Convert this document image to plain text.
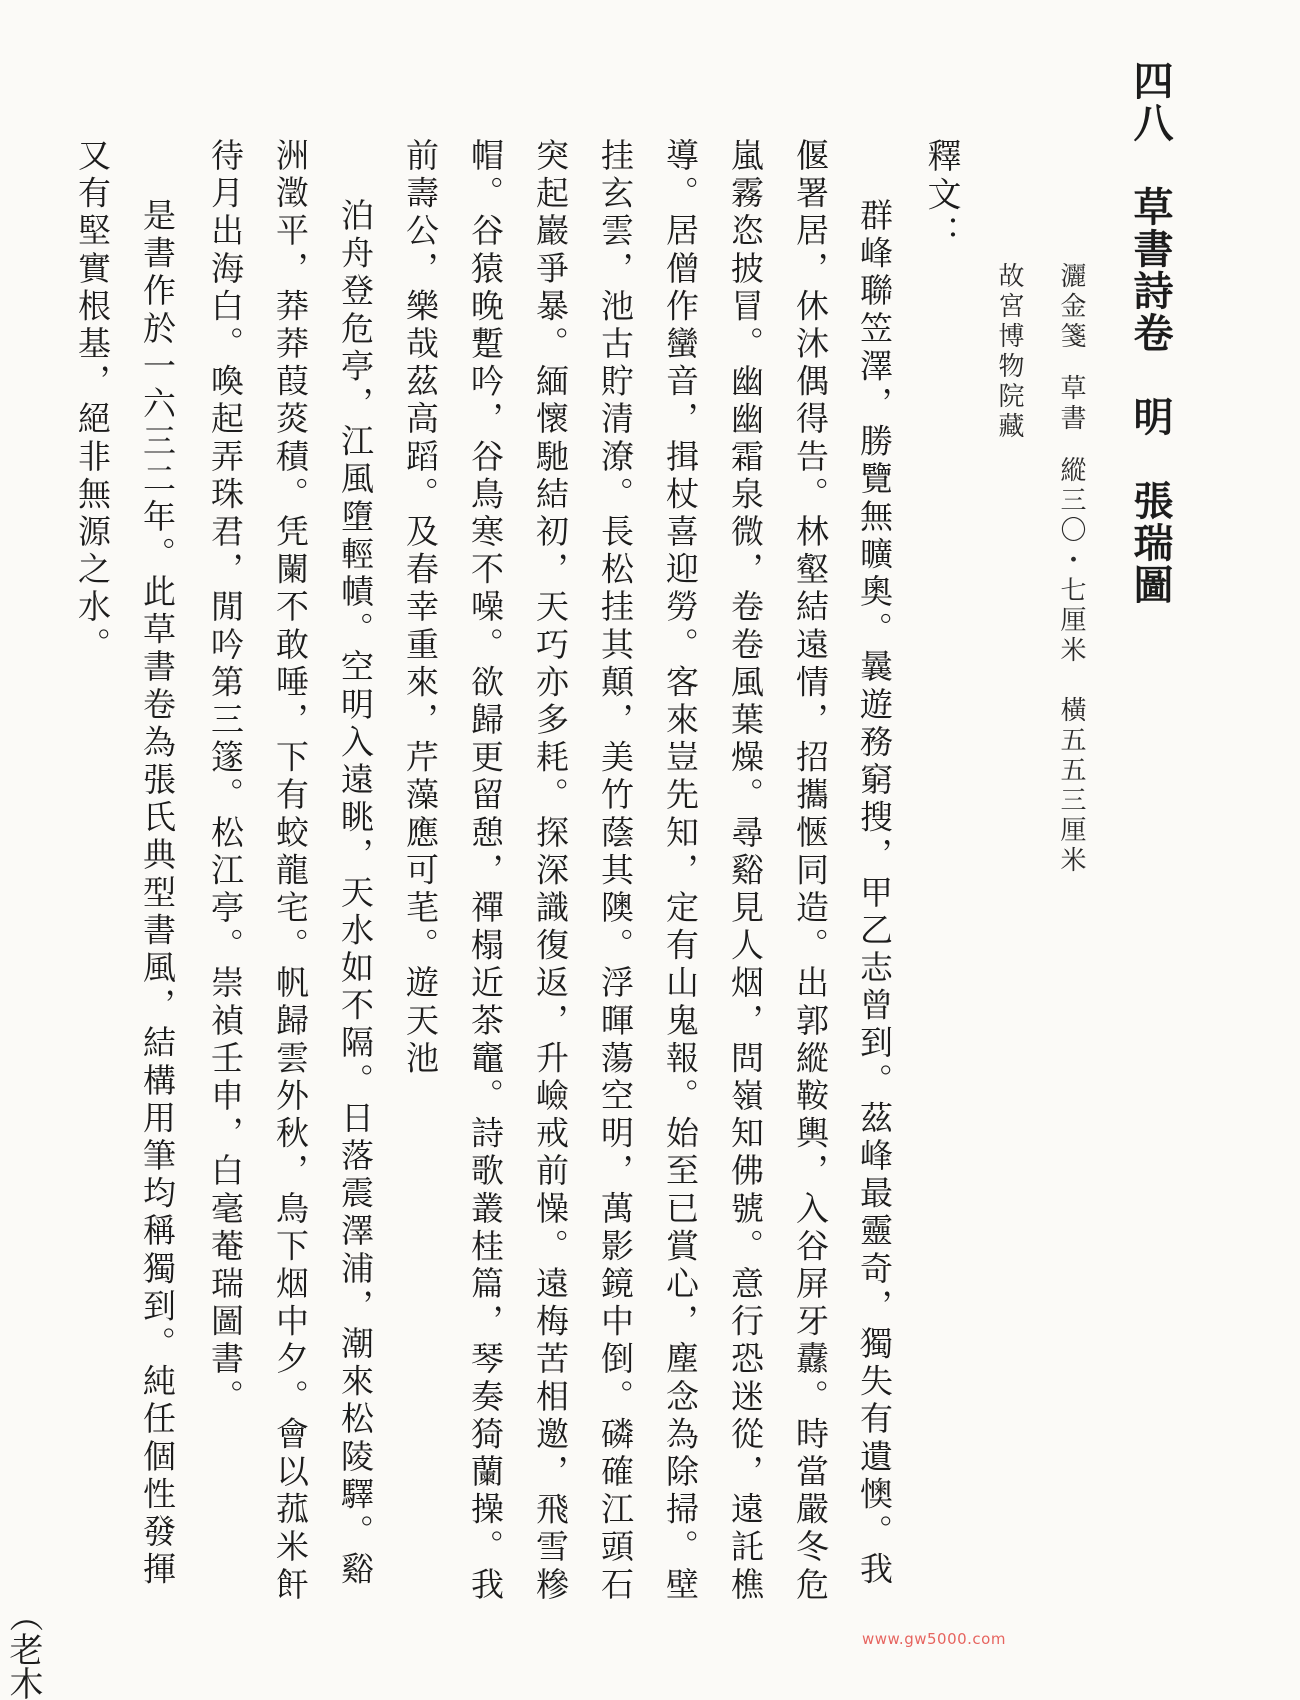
四八　草書詩卷　明　張瑞圖
灑金箋草書縱三〇・七厘米　橫五五三厘米
故宮博物院藏
釋文：
群峰聯笠澤，勝覽無曠奧。曩遊務窮搜，甲乙志曾到。茲峰最靈奇，獨失有遺懊。我
偃署居，休沐偶得告。林壑結遠情，招攜愜同造。出郭縱鞍輿，入谷屏牙纛。時當嚴冬危
嵐霧恣披冒。幽幽霜泉微，卷卷風葉燥。尋谿見人烟，問嶺知佛號。意行恐迷從，遠託樵
導。居僧作蠻音，揖杖喜迎勞。客來豈先知，定有山鬼報。始至已賞心，塵念為除掃。壁
挂玄雲，池古貯清潦。長松挂其顛，美竹蔭其隩。浮暉蕩空明，萬影鏡中倒。磷確江頭石
突起巖爭暴。緬懷馳結初，天巧亦多耗。探深識復返，升嶮戒前懆。遠梅苦相邀，飛雪糝
帽。谷猿晚蹔吟，谷鳥寒不噪。欲歸更留憩，禪榻近茶竈。詩歌叢桂篇，琴奏猗蘭操。我
前壽公，樂哉茲高蹈。及春幸重來，芹藻應可芼。遊天池
泊舟登危亭，江風墮輕幘。空明入遠眺，天水如不隔。日落震澤浦，潮來松陵驛。谿
洲澂平，莽莽葭菼積。凭闌不敢唾，下有蛟龍宅。帆歸雲外秋，鳥下烟中夕。會以菰米飦
待月出海白。喚起弄珠君，閒吟第三篴。松江亭。崇禎壬申，白毫菴瑞圖書。
是書作於一六三二年。此草書卷為張氏典型書風，結構用筆均稱獨到。純任個性發揮
又有堅實根基，絕非無源之水。
（老木	www.gw5000.com
